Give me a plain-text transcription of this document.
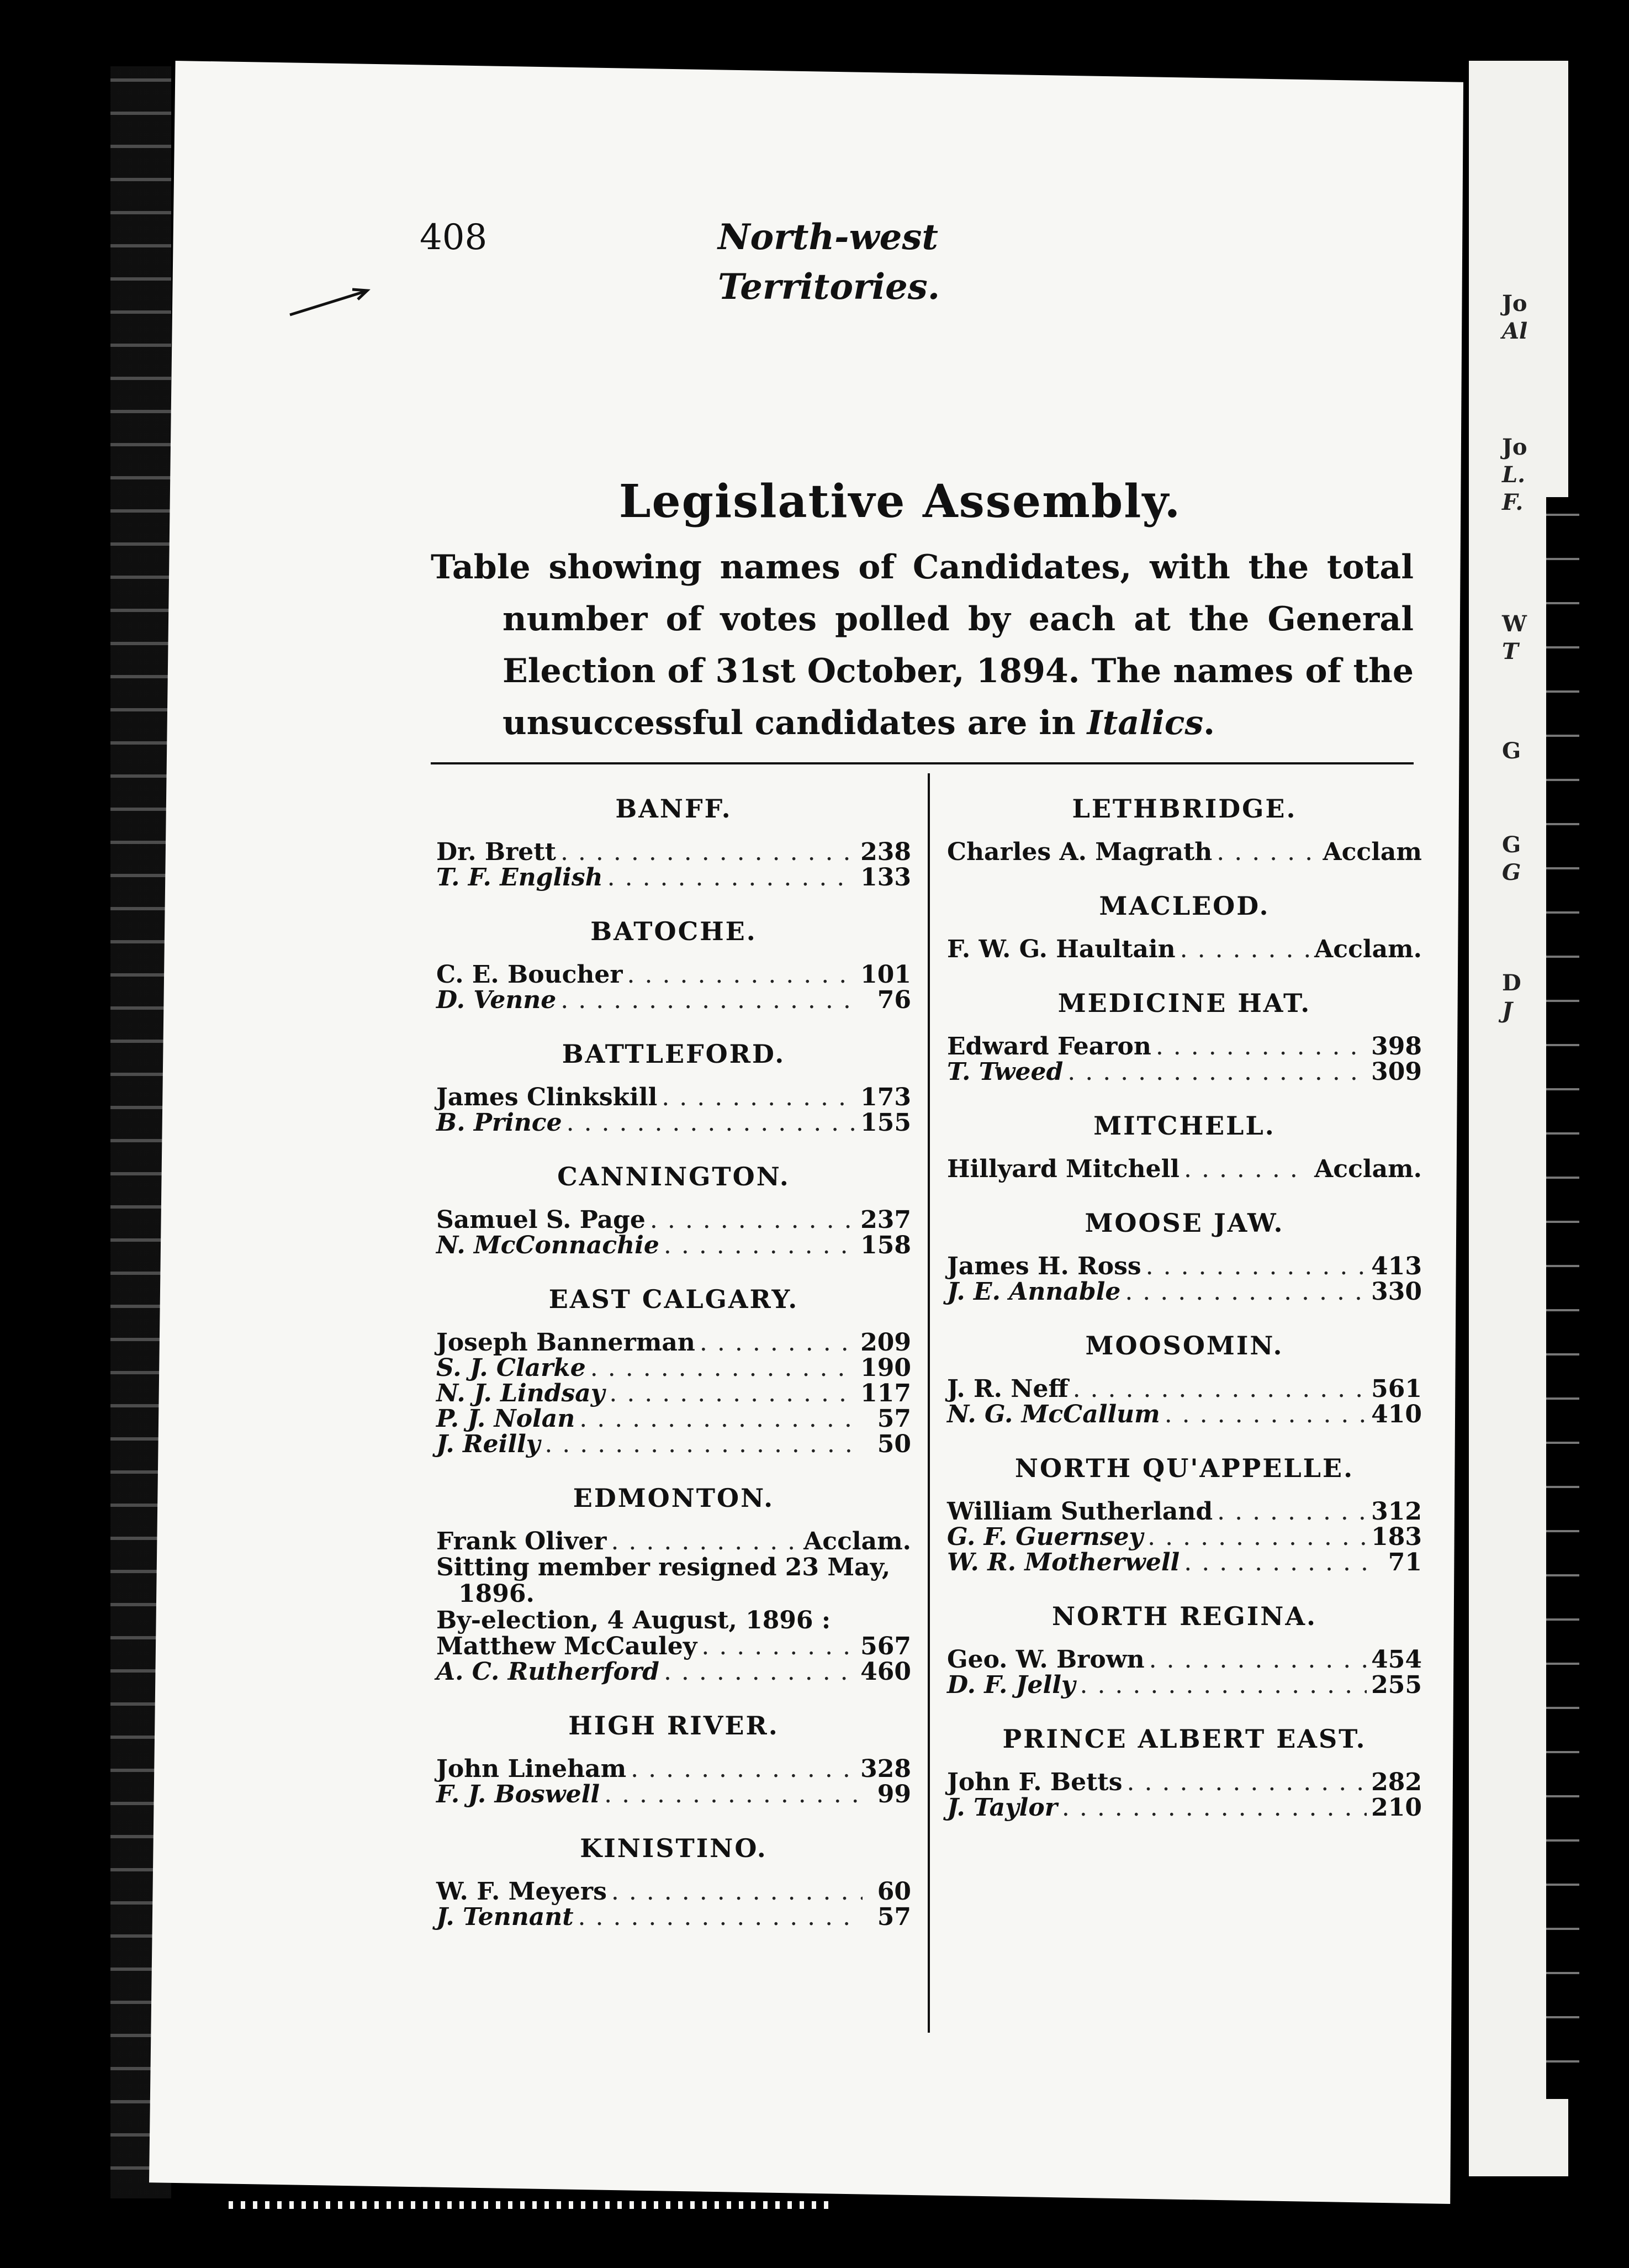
Jo
Al
Jo
L.
F.
W
T
G
G
G
D
J
408	North-west Territories.
Legislative Assembly.
Table showing names of Candidates, with the total number of votes polled by each at the General Election of 31st October, 1894. The names of the unsuccessful candidates are in Italics.
BANFF.
Dr. Brett . . .	238
T. F. English . . .	133
BATOCHE.
C. E. Boucher . . .	101
D. Venne . . .	76
BATTLEFORD.
James Clinkskill . . .	173
B. Prince . . .	155
CANNINGTON.
Samuel S. Page . . .	237
N. McConnachie . . .	158
EAST CALGARY.
Joseph Bannerman . . .	209
S. J. Clarke . . .	190
N. J. Lindsay . . .	117
P. J. Nolan . . .	57
J. Reilly . . .	50
EDMONTON.
Frank Oliver . . .	Acclam.
Sitting member resigned 23 May, 1896.
By-election, 4 August, 1896 :
Matthew McCauley . . .	567
A. C. Rutherford . . .	460
HIGH RIVER.
John Lineham . . .	328
F. J. Boswell . . .	99
KINISTINO.
W. F. Meyers . . .	60
J. Tennant . . .	57
LETHBRIDGE.
Charles A. Magrath . . .	Acclam
MACLEOD.
F. W. G. Haultain . . .	Acclam.
MEDICINE HAT.
Edward Fearon . . .	398
T. Tweed . . .	309
MITCHELL.
Hillyard Mitchell . . .	Acclam.
MOOSE JAW.
James H. Ross . . .	413
J. E. Annable . . .	330
MOOSOMIN.
J. R. Neff . . .	561
N. G. McCallum . . .	410
NORTH QU'APPELLE.
William Sutherland . . .	312
G. F. Guernsey . . .	183
W. R. Motherwell . . .	71
NORTH REGINA.
Geo. W. Brown . . .	454
D. F. Jelly . . .	255
PRINCE ALBERT EAST.
John F. Betts . . .	282
J. Taylor . . .	210
